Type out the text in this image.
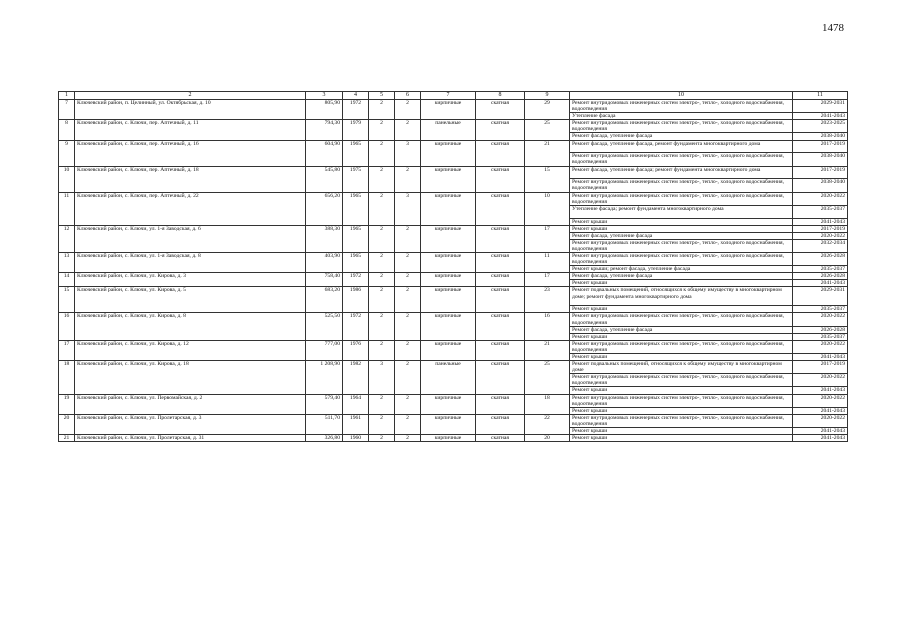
1478
1	2	3	4	5	6	7	8	9	10	11
7	Ключевский район, п. Целинный, ул. Октябрьская, д. 10	805,90	1972	2	2	кирпичные	скатная	29	Ремонт внутридомовых инженерных систем электро-, тепло-, холодного водоснабжения, водоотведения	2029-2031
									Утепление фасада	2041-2043
8	Ключевский район, с. Ключи, пер. Аптечный, д. 11	794,30	1979	2	2	панельные	скатная	25	Ремонт внутридомовых инженерных систем электро-, тепло-, холодного водоснабжения, водоотведения	2023-2025
									Ремонт фасада, утепление фасада	2038-2040
9	Ключевский район, с. Ключи, пер. Аптечный, д. 16	604,90	1965	2	3	кирпичные	скатная	21	Ремонт фасада, утепление фасада, ремонт фундамента многоквартирного дома	2017-2019
									Ремонт внутридомовых инженерных систем электро-, тепло-, холодного водоснабжения, водоотведения	2038-2040
10	Ключевский район, с. Ключи, пер. Аптечный, д. 18	545,80	1975	2	2	кирпичные	скатная	15	Ремонт фасада, утепление фасада; ремонт фундамента многоквартирного дома	2017-2019
									Ремонт внутридомовых инженерных систем электро-, тепло-, холодного водоснабжения, водоотведения	2038-2040
11	Ключевский район, с. Ключи, пер. Аптечный, д. 22	656,20	1965	2	3	кирпичные	скатная	10	Ремонт внутридомовых инженерных систем электро-, тепло-, холодного водоснабжения, водоотведения	2020-2022
									Утепление фасада; ремонт фундамента многоквартирного дома	2035-2037
									Ремонт крыши	2041-2043
12	Ключевский район, с. Ключи, ул. 1-я Заводская, д. 6	388,30	1965	2	2	кирпичные	скатная	17	Ремонт крыши	2017-2019
									Ремонт фасада, утепление фасада	2020-2022
									Ремонт внутридомовых инженерных систем электро-, тепло-, холодного водоснабжения, водоотведения	2032-2034
13	Ключевский район, с. Ключи, ул. 1-я Заводская, д. 8	403,90	1965	2	2	кирпичные	скатная	11	Ремонт внутридомовых инженерных систем электро-, тепло-, холодного водоснабжения, водоотведения	2026-2028
									Ремонт крыши; ремонт фасада, утепление фасада	2035-2037
14	Ключевский район, с. Ключи, ул. Кирова, д. 3	758,40	1972	2	2	кирпичные	скатная	17	Ремонт фасада, утепление фасада	2026-2028
									Ремонт крыши	2041-2043
15	Ключевский район, с. Ключи, ул. Кирова, д. 5	683,20	1986	2	2	кирпичные	скатная	23	Ремонт подвальных помещений, относящихся к общему имуществу в многоквартирном доме; ремонт фундамента многоквартирного дома	2029-2031
									Ремонт крыши	2035-2037
16	Ключевский район, с. Ключи, ул. Кирова, д. 8	525,50	1972	2	2	кирпичные	скатная	16	Ремонт внутридомовых инженерных систем электро-, тепло-, холодного водоснабжения, водоотведения	2020-2022
									Ремонт фасада, утепление фасада	2026-2028
									Ремонт крыши	2035-2037
17	Ключевский район, с. Ключи, ул. Кирова, д. 12	777,00	1976	2	2	кирпичные	скатная	21	Ремонт внутридомовых инженерных систем электро-, тепло-, холодного водоснабжения, водоотведения	2020-2022
									Ремонт крыши	2041-2043
18	Ключевский район, с. Ключи, ул. Кирова, д. 18	1 208,90	1982	3	2	панельные	скатная	25	Ремонт подвальных помещений, относящихся к общему имуществу в многоквартирном доме	2017-2019
									Ремонт внутридомовых инженерных систем электро-, тепло-, холодного водоснабжения, водоотведения	2020-2022
									Ремонт крыши	2041-2043
19	Ключевский район, с. Ключи, ул. Первомайская, д. 2	579,40	1964	2	2	кирпичные	скатная	18	Ремонт внутридомовых инженерных систем электро-, тепло-, холодного водоснабжения, водоотведения	2020-2022
									Ремонт крыши	2041-2043
20	Ключевский район, с. Ключи, ул. Пролетарская, д. 3	511,70	1961	2	2	кирпичные	скатная	22	Ремонт внутридомовых инженерных систем электро-, тепло-, холодного водоснабжения, водоотведения	2020-2022
									Ремонт крыши	2041-2043
21	Ключевский район, с. Ключи, ул. Пролетарская, д. 31	326,80	1960	2	2	кирпичные	скатная	20	Ремонт крыши	2041-2043
